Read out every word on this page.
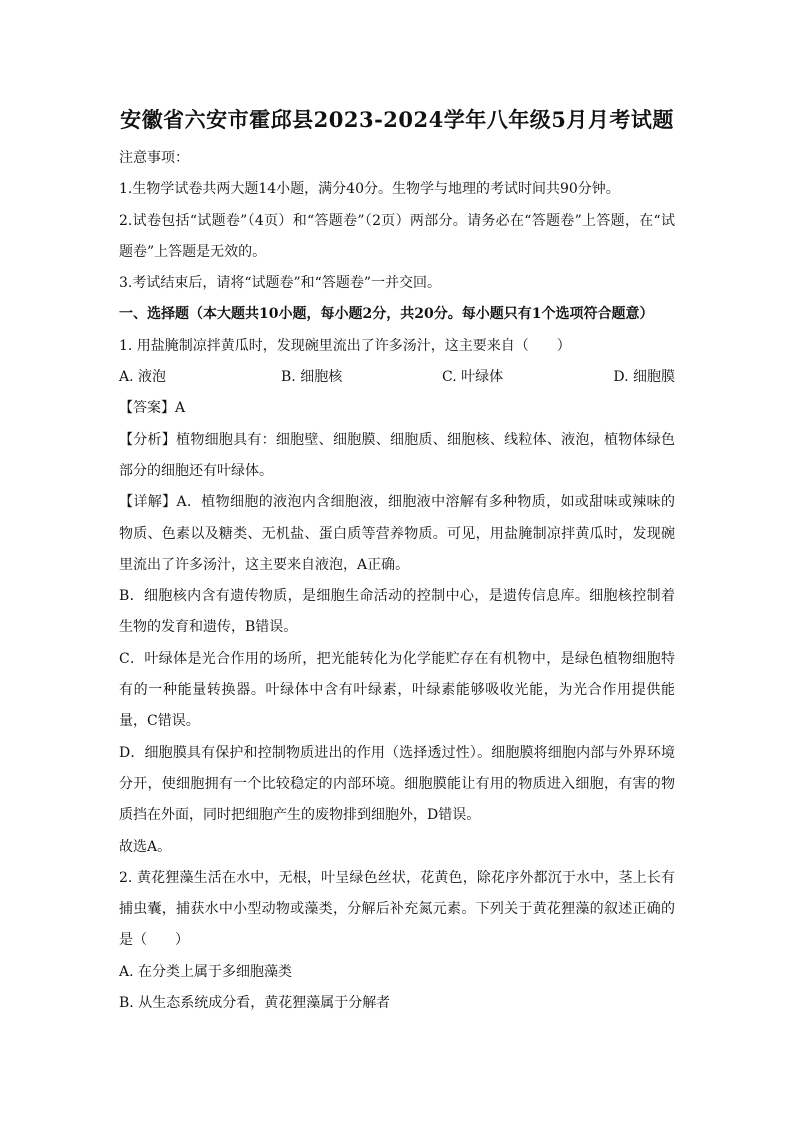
安徽省六安市霍邱县2023-2024学年八年级5月月考试题
注意事项：
1.生物学试卷共两大题14小题，满分40分。生物学与地理的考试时间共90分钟。
2.试卷包括“试题卷”（4页）和“答题卷”（2页）两部分。请务必在“答题卷”上答题，在“试
题卷”上答题是无效的。
3.考试结束后，请将“试题卷”和“答题卷”一并交回。
一、选择题（本大题共10小题，每小题2分，共20分。每小题只有1个选项符合题意）
1. 用盐腌制凉拌黄瓜时，发现碗里流出了许多汤汁，这主要来自（　　）
A. 液泡	B. 细胞核	C. 叶绿体	D. 细胞膜
【答案】A
【分析】植物细胞具有：细胞壁、细胞膜、细胞质、细胞核、线粒体、液泡，植物体绿色
部分的细胞还有叶绿体。
【详解】A．植物细胞的液泡内含细胞液，细胞液中溶解有多种物质，如或甜味或辣味的
物质、色素以及糖类、无机盐、蛋白质等营养物质。可见，用盐腌制凉拌黄瓜时，发现碗
里流出了许多汤汁，这主要来自液泡，A正确。
B．细胞核内含有遗传物质，是细胞生命活动的控制中心，是遗传信息库。细胞核控制着
生物的发育和遗传，B错误。
C．叶绿体是光合作用的场所，把光能转化为化学能贮存在有机物中，是绿色植物细胞特
有的一种能量转换器。叶绿体中含有叶绿素，叶绿素能够吸收光能，为光合作用提供能
量，C错误。
D．细胞膜具有保护和控制物质进出的作用（选择透过性）。细胞膜将细胞内部与外界环境
分开，使细胞拥有一个比较稳定的内部环境。细胞膜能让有用的物质进入细胞，有害的物
质挡在外面，同时把细胞产生的废物排到细胞外，D错误。
故选A。
2. 黄花狸藻生活在水中，无根，叶呈绿色丝状，花黄色，除花序外都沉于水中，茎上长有
捕虫囊，捕获水中小型动物或藻类，分解后补充氮元素。下列关于黄花狸藻的叙述正确的
是（　　）
A. 在分类上属于多细胞藻类
B. 从生态系统成分看，黄花狸藻属于分解者
